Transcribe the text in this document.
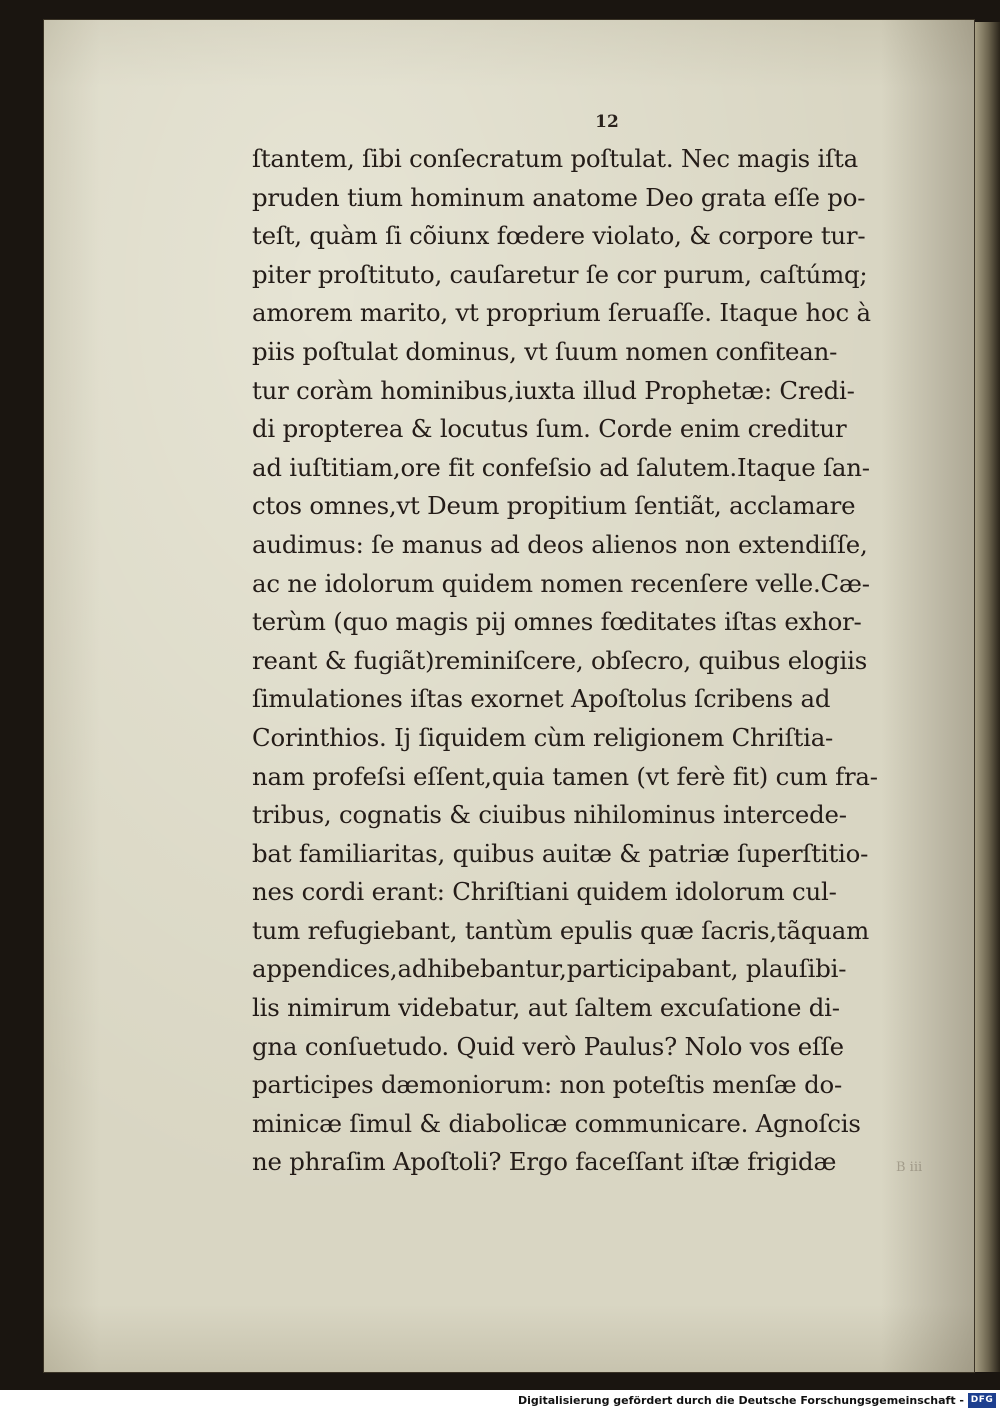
12
ſtantem, ſibi conſecratum poſtulat. Nec magis iſta
pruden tium hominum anatome Deo grata eſſe po-
teſt, quàm ſi cõiunx fœdere violato, & corpore tur-
piter proſtituto, cauſaretur ſe cor purum, caſtúmq;
amorem marito, vt proprium ſeruaſſe. Itaque hoc à
piis poſtulat dominus, vt ſuum nomen confitean-
tur coràm hominibus,iuxta illud Prophetæ: Credi-
di propterea & locutus ſum. Corde enim creditur
ad iuſtitiam,ore fit confeſsio ad ſalutem.Itaque ſan-
ctos omnes,vt Deum propitium ſentiãt, acclamare
audimus: ſe manus ad deos alienos non extendiſſe,
ac ne idolorum quidem nomen recenſere velle.Cæ-
terùm (quo magis pij omnes fœditates iſtas exhor-
reant & fugiãt)reminiſcere, obſecro, quibus elogiis
ſimulationes iſtas exornet Apoſtolus ſcribens ad
Corinthios. Ij ſiquidem cùm religionem Chriſtia-
nam profeſsi eſſent,quia tamen (vt ferè fit) cum fra-
tribus, cognatis & ciuibus nihilominus intercede-
bat familiaritas, quibus auitæ & patriæ ſuperſtitio-
nes cordi erant: Chriſtiani quidem idolorum cul-
tum refugiebant, tantùm epulis quæ ſacris,tãquam
appendices,adhibebantur,participabant, plauſibi-
lis nimirum videbatur, aut ſaltem excuſatione di-
gna conſuetudo. Quid verò Paulus? Nolo vos eſſe
participes dæmoniorum: non poteſtis menſæ do-
minicæ ſimul & diabolicæ communicare. Agnoſcis
ne phraſim Apoſtoli? Ergo faceſſant iſtæ frigidæ	B iii
Digitalisierung gefördert durch die Deutsche Forschungsgemeinschaft - DFG
